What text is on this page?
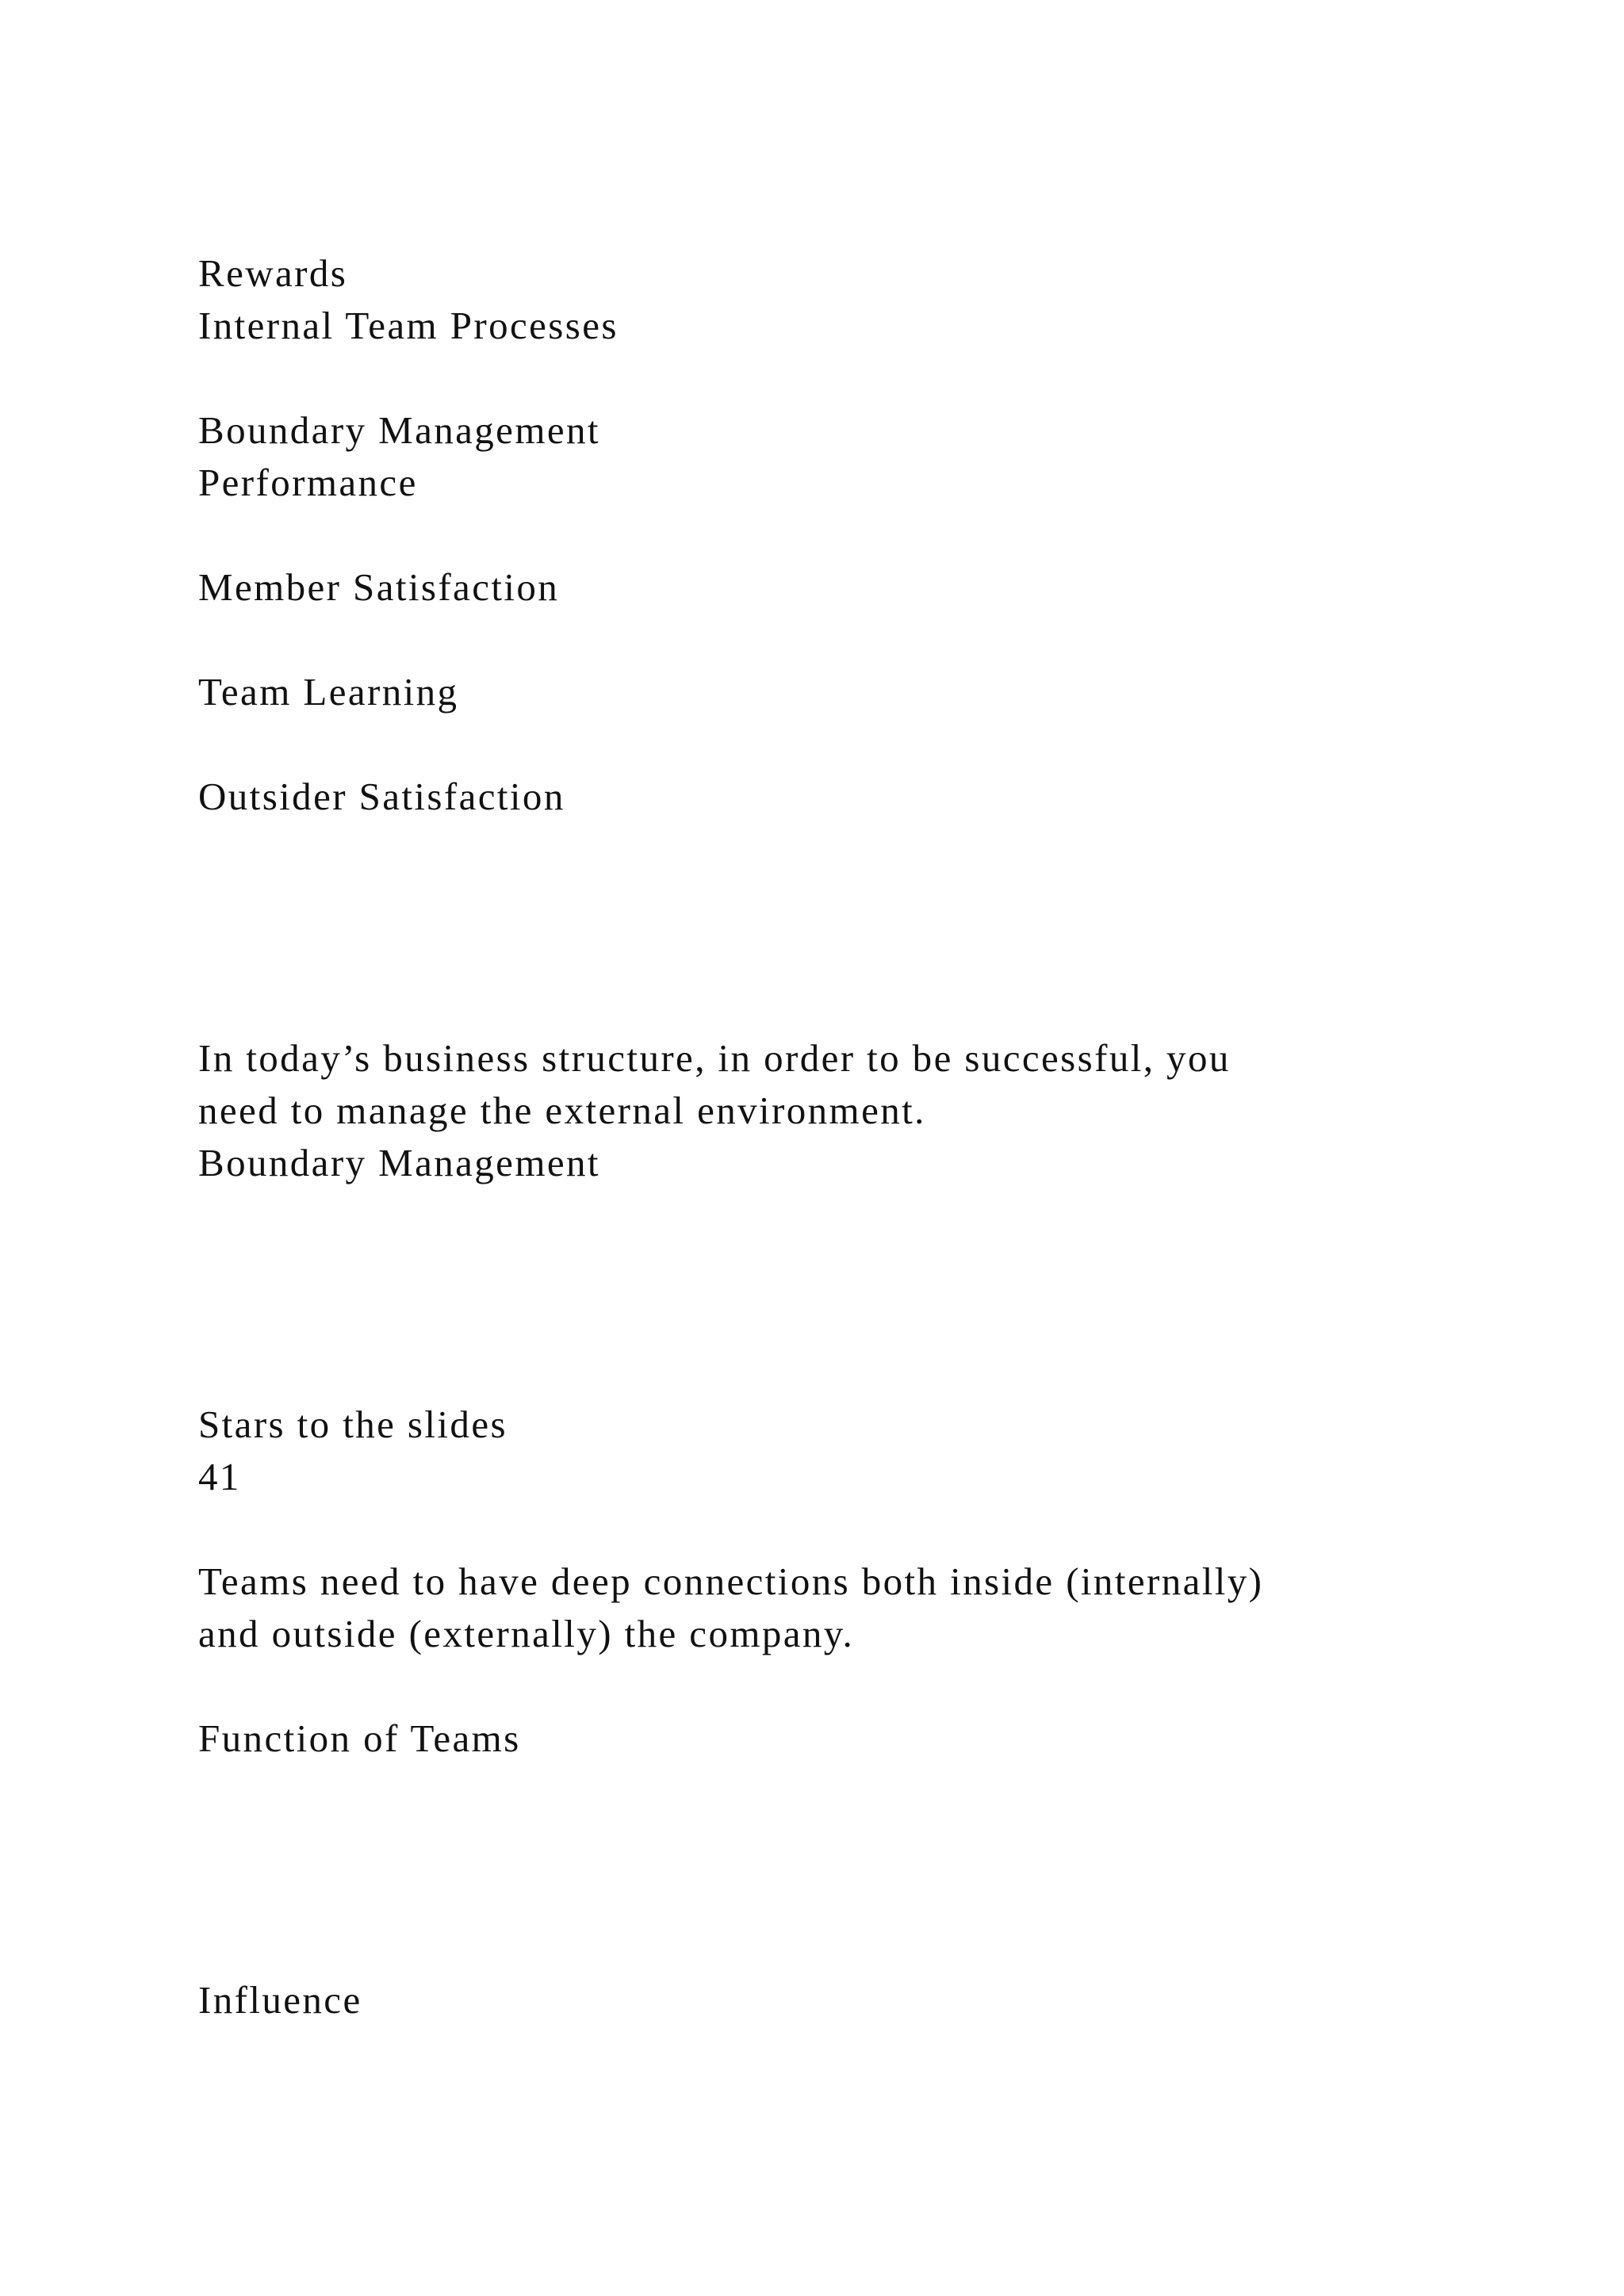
Rewards

Internal Team Processes

Boundary Management

Performance

Member Satisfaction

Team Learning

Outsider Satisfaction

In today’s business structure, in order to be successful, you

need to manage the external environment.

Boundary Management

Stars to the slides

41

Teams need to have deep connections both inside (internally)

and outside (externally) the company.

Function of Teams

Influence
